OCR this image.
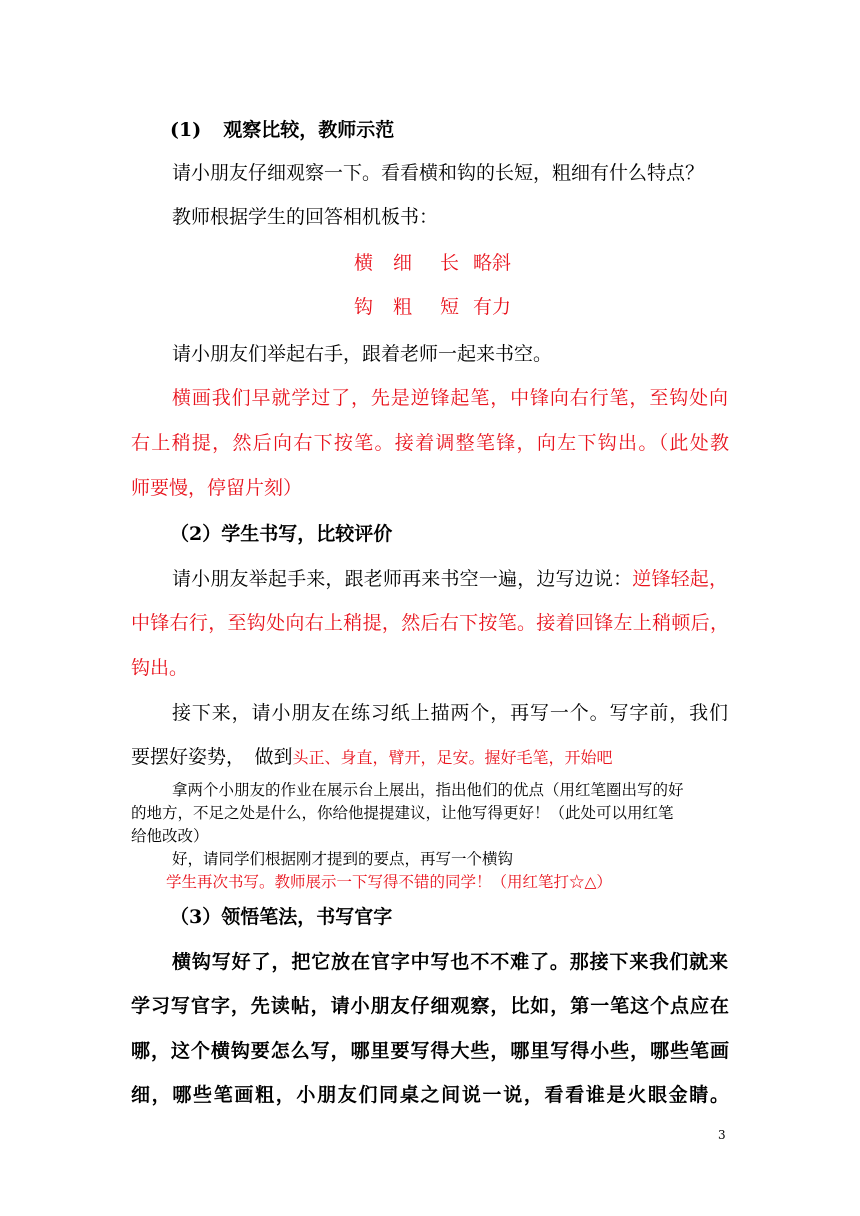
(1) 观察比较，教师示范
请小朋友仔细观察一下。看看横和钩的长短，粗细有什么特点？
教师根据学生的回答相机板书：
横 细 长 略斜
钩 粗 短 有力
请小朋友们举起右手，跟着老师一起来书空。
横画我们早就学过了，先是逆锋起笔，中锋向右行笔，至钩处向
右上稍提，然后向右下按笔。接着调整笔锋，向左下钩出。（此处教
师要慢，停留片刻）
（2）学生书写，比较评价
请小朋友举起手来，跟老师再来书空一遍，边写边说：逆锋轻起，
中锋右行，至钩处向右上稍提，然后右下按笔。接着回锋左上稍顿后，
钩出。
接下来，请小朋友在练习纸上描两个，再写一个。写字前，我们
要摆好姿势，　做到头正、身直，臂开，足安。握好毛笔，开始吧
拿两个小朋友的作业在展示台上展出，指出他们的优点（用红笔圈出写的好
的地方，不足之处是什么，你给他提提建议，让他写得更好！（此处可以用红笔
给他改改）
好，请同学们根据刚才提到的要点，再写一个横钩
学生再次书写。教师展示一下写得不错的同学！（用红笔打☆△）
（3）领悟笔法，书写官字
横钩写好了，把它放在官字中写也不不难了。那接下来我们就来
学习写官字，先读帖，请小朋友仔细观察，比如，第一笔这个点应在
哪，这个横钩要怎么写，哪里要写得大些，哪里写得小些，哪些笔画
细，哪些笔画粗，小朋友们同桌之间说一说，看看谁是火眼金睛。
3
